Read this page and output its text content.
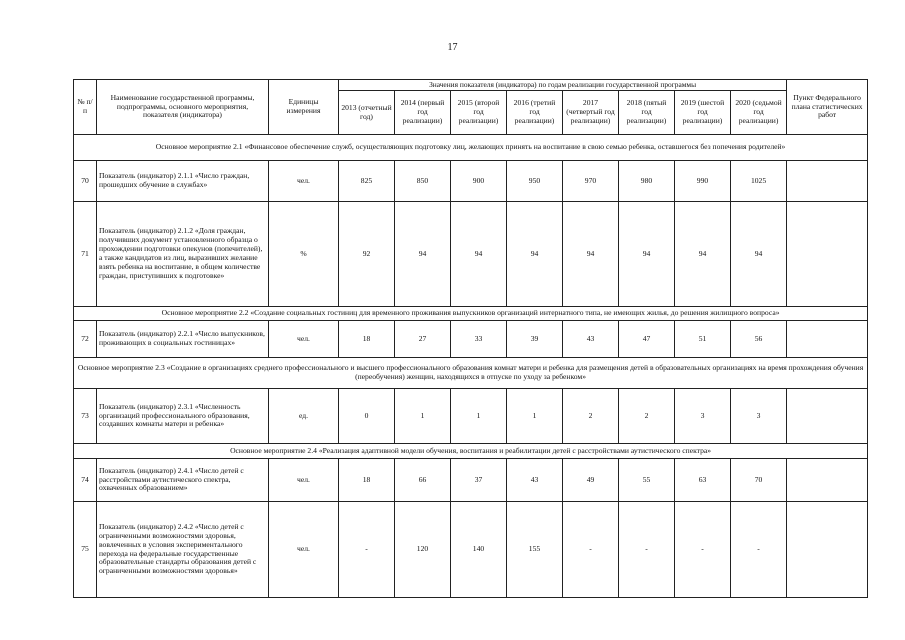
17
№ п/п	Наименование государственной программы, подпрограммы, основного мероприятия, показателя (индикатора)	Единицы измерения	Значения показателя (индикатора) по годам реализации государственной программы								Пункт Федерального плана статистических работ
			2013 (отчетный год)	2014 (первый год реализации)	2015 (второй год реализации)	2016 (третий год реализации)	2017 (четвертый год реализации)	2018 (пятый год реализации)	2019 (шестой год реализации)	2020 (седьмой год реализации)	
Основное мероприятие 2.1 «Финансовое обеспечение служб, осуществляющих подготовку лиц, желающих принять на воспитание в свою семью ребенка, оставшегося без попечения родителей»											
70	Показатель (индикатор) 2.1.1 «Число граждан, прошедших обучение в службах»	чел.	825	850	900	950	970	980	990	1025	
71	Показатель (индикатор) 2.1.2 «Доля граждан, получивших документ установленного образца о прохождении подготовки опекунов (попечителей), а также кандидатов из лиц, выразивших желание взять ребенка на воспитание, в общем количестве граждан, приступивших к подготовке»	%	92	94	94	94	94	94	94	94	
Основное мероприятие 2.2 «Создание социальных гостиниц для временного проживания выпускников организаций интернатного типа, не имеющих жилья, до решения жилищного вопроса»											
72	Показатель (индикатор) 2.2.1 «Число выпускников, проживающих в социальных гостиницах»	чел.	18	27	33	39	43	47	51	56	
Основное мероприятие 2.3 «Создание в организациях среднего профессионального и высшего профессионального образования комнат матери и ребенка для размещения детей в образовательных организациях на время прохождения обучения (переобучения) женщин, находящихся в отпуске по уходу за ребенком»											
73	Показатель (индикатор) 2.3.1 «Численность организаций профессионального образования, создавших комнаты матери и ребенка»	ед.	0	1	1	1	2	2	3	3	
Основное мероприятие 2.4 «Реализация адаптивной модели обучения, воспитания и реабилитации детей с расстройствами аутистического спектра»											
74	Показатель (индикатор) 2.4.1 «Число детей с расстройствами аутистического спектра, охваченных образованием»	чел.	18	66	37	43	49	55	63	70	
75	Показатель (индикатор) 2.4.2 «Число детей с ограниченными возможностями здоровья, вовлеченных в условия экспериментального перехода на федеральные государственные образовательные стандарты образования детей с ограниченными возможностями здоровья»	чел.	-	120	140	155	-	-	-	-	
